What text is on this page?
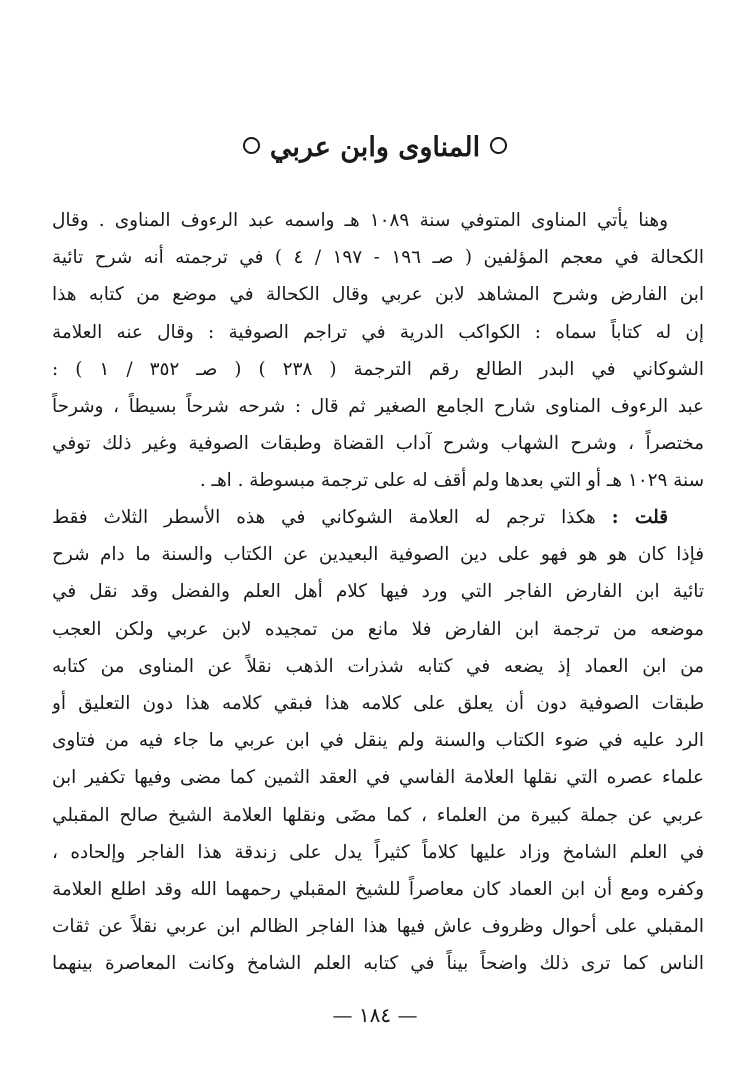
المناوى وابن عربي
وهنا يأتي المناوى المتوفي سنة ١٠٨٩ هـ واسمه عبد الرءوف المناوى . وقال
الكحالة في معجم المؤلفين ( صـ ١٩٦ - ١٩٧ / ٤ ) في ترجمته أنه شرح تائية
ابن الفارض وشرح المشاهد لابن عربي وقال الكحالة في موضع من كتابه هذا
إن له كتاباً سماه : الكواكب الدرية في تراجم الصوفية : وقال عنه العلامة
الشوكاني في البدر الطالع رقم الترجمة ( ٢٣٨ ) ( صـ ٣٥٢ / ١ ) :
عبد الرءوف المناوى شارح الجامع الصغير ثم قال : شرحه شرحاً بسيطاً ، وشرحاً
مختصراً ، وشرح الشهاب وشرح آداب القضاة وطبقات الصوفية وغير ذلك توفي
سنة ١٠٢٩ هـ أو التي بعدها ولم أقف له على ترجمة مبسوطة . اهـ .
قلت : هكذا ترجم له العلامة الشوكاني في هذه الأسطر الثلاث فقط
فإذا كان هو هو فهو على دين الصوفية البعيدين عن الكتاب والسنة ما دام شرح
تائية ابن الفارض الفاجر التي ورد فيها كلام أهل العلم والفضل وقد نقل في
موضعه من ترجمة ابن الفارض فلا مانع من تمجيده لابن عربي ولكن العجب
من ابن العماد إذ يضعه في كتابه شذرات الذهب نقلاً عن المناوى من كتابه
طبقات الصوفية دون أن يعلق على كلامه هذا فبقي كلامه هذا دون التعليق أو
الرد عليه في ضوء الكتاب والسنة ولم ينقل في ابن عربي ما جاء فيه من فتاوى
علماء عصره التي نقلها العلامة الفاسي في العقد الثمين كما مضى وفيها تكفير ابن
عربي عن جملة كبيرة من العلماء ، كما مضَى ونقلها العلامة الشيخ صالح المقبلي
في العلم الشامخ وزاد عليها كلاماً كثيراً يدل على زندقة هذا الفاجر وإلحاده ،
وكفره ومع أن ابن العماد كان معاصراً للشيخ المقبلي رحمهما الله وقد اطلع العلامة
المقبلي على أحوال وظروف عاش فيها هذا الفاجر الظالم ابن عربي نقلاً عن ثقات
الناس كما ترى ذلك واضحاً بيناً في كتابه العلم الشامخ وكانت المعاصرة بينهما
— ١٨٤ —
